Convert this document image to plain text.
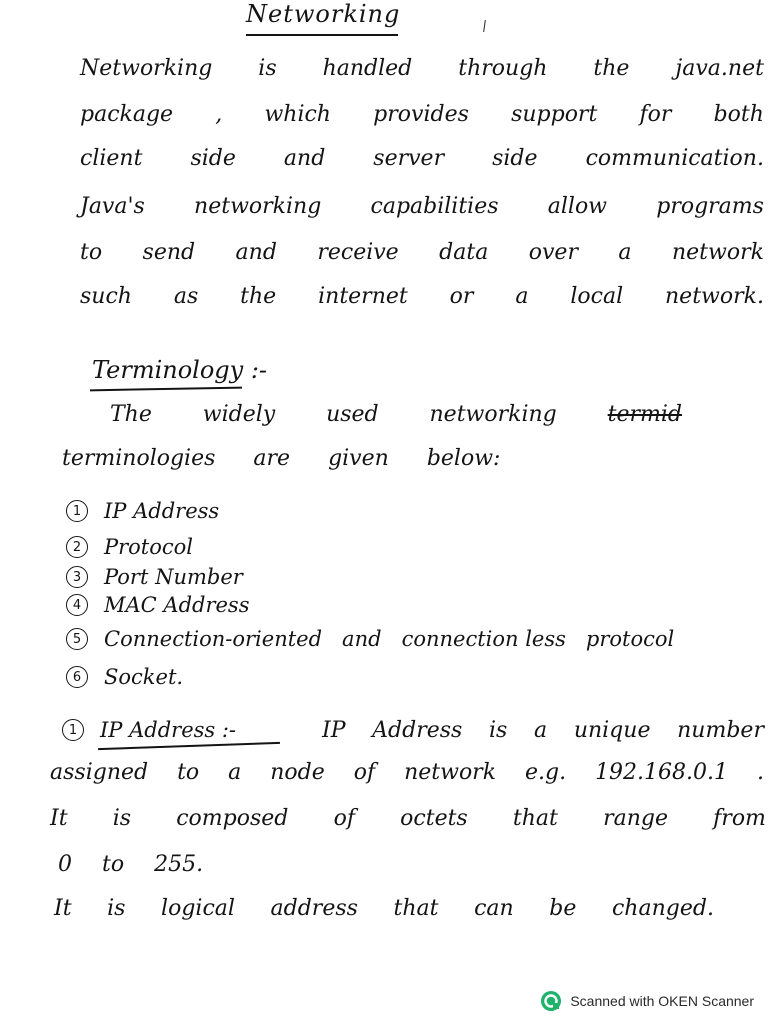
Networking
Networking is handled through the java.net
package , which provides support for both
client side and server side communication.
Java's networking capabilities allow programs
to send and receive data over a network
such as the internet or a local network.
Terminology :-
The widely used networking termid
terminologies are given below:
1	IP Address
2	Protocol
3	Port Number
4	MAC Address
5	Connection-oriented   and   connection less   protocol
6	Socket.
1	IP Address :-	IP Address is a unique number
assigned to a node of network e.g. 192.168.0.1 .
It is composed of octets that range from
0 to 255.
It is logical address that can be changed.
Scanned with OKEN Scanner
